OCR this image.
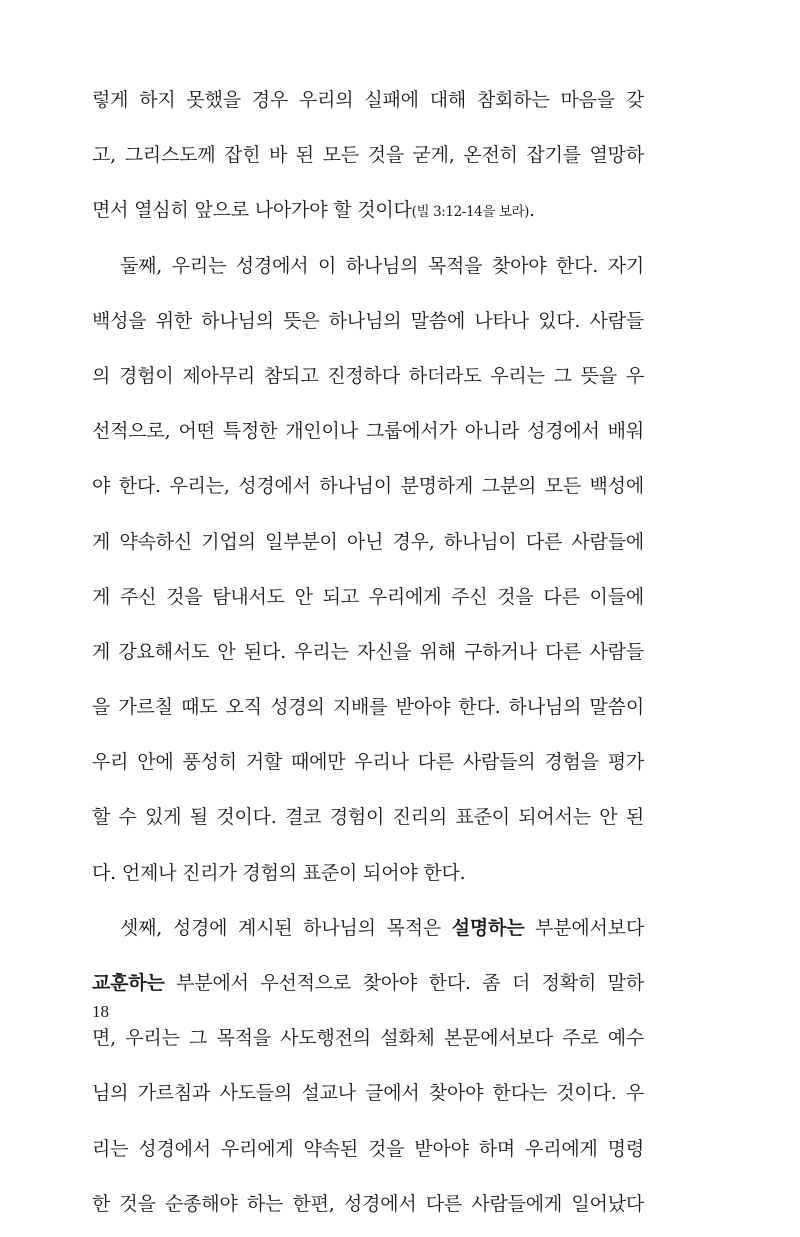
렇게 하지 못했을 경우 우리의 실패에 대해 참회하는 마음을 갖
고, 그리스도께 잡힌 바 된 모든 것을 굳게, 온전히 잡기를 열망하
면서 열심히 앞으로 나아가야 할 것이다(빌 3:12-14을 보라).
둘째, 우리는 성경에서 이 하나님의 목적을 찾아야 한다. 자기
백성을 위한 하나님의 뜻은 하나님의 말씀에 나타나 있다. 사람들
의 경험이 제아무리 참되고 진정하다 하더라도 우리는 그 뜻을 우
선적으로, 어떤 특정한 개인이나 그룹에서가 아니라 성경에서 배워
야 한다. 우리는, 성경에서 하나님이 분명하게 그분의 모든 백성에
게 약속하신 기업의 일부분이 아닌 경우, 하나님이 다른 사람들에
게 주신 것을 탐내서도 안 되고 우리에게 주신 것을 다른 이들에
게 강요해서도 안 된다. 우리는 자신을 위해 구하거나 다른 사람들
을 가르칠 때도 오직 성경의 지배를 받아야 한다. 하나님의 말씀이
우리 안에 풍성히 거할 때에만 우리나 다른 사람들의 경험을 평가
할 수 있게 될 것이다. 결코 경험이 진리의 표준이 되어서는 안 된
다. 언제나 진리가 경험의 표준이 되어야 한다.
셋째, 성경에 계시된 하나님의 목적은 설명하는 부분에서보다
교훈하는 부분에서 우선적으로 찾아야 한다. 좀 더 정확히 말하
면, 우리는 그 목적을 사도행전의 설화체 본문에서보다 주로 예수
님의 가르침과 사도들의 설교나 글에서 찾아야 한다는 것이다. 우
리는 성경에서 우리에게 약속된 것을 받아야 하며 우리에게 명령
한 것을 순종해야 하는 한편, 성경에서 다른 사람들에게 일어났다
18
